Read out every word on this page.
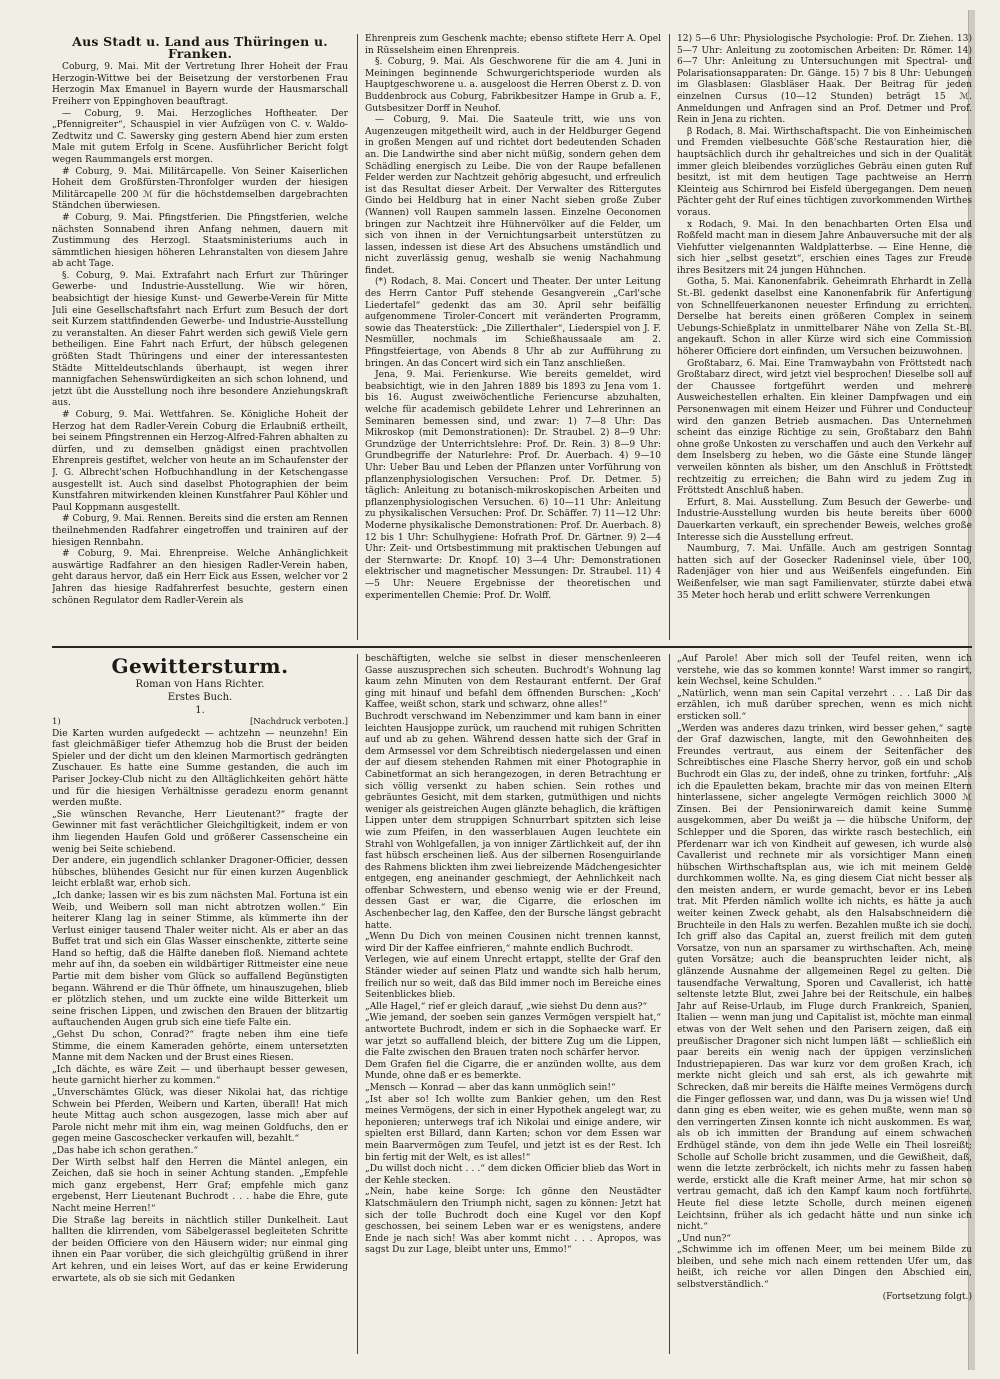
Aus Stadt u. Land aus Thüringen u. Franken.

Coburg, 9. Mai. Mit der Vertretung Ihrer Hoheit der Frau Herzogin-Wittwe bei der Beisetzung der verstorbenen Frau Herzogin Max Emanuel in Bayern wurde der Hausmarschall Freiherr von Eppinghoven beauftragt.

— Coburg, 9. Mai. Herzogliches Hoftheater. Der „Pfennigreiter“, Schauspiel in vier Aufzügen von C. v. Waldo-Zedtwitz und C. Sawersky ging gestern Abend hier zum ersten Male mit gutem Erfolg in Scene. Ausführlicher Bericht folgt wegen Raummangels erst morgen.

# Coburg, 9. Mai. Militärcapelle. Von Seiner Kaiserlichen Hoheit dem Großfürsten-Thronfolger wurden der hiesigen Militärcapelle 200 ℳ für die höchstdemselben dargebrachten Ständchen überwiesen.

# Coburg, 9. Mai. Pfingstferien. Die Pfingstferien, welche nächsten Sonnabend ihren Anfang nehmen, dauern mit Zustimmung des Herzogl. Staatsministeriums auch in sämmtlichen hiesigen höheren Lehranstalten von diesem Jahre ab acht Tage.

§. Coburg, 9. Mai. Extrafahrt nach Erfurt zur Thüringer Gewerbe- und Industrie-Ausstellung. Wie wir hören, beabsichtigt der hiesige Kunst- und Gewerbe-Verein für Mitte Juli eine Gesellschaftsfahrt nach Erfurt zum Besuch der dort seit Kurzem stattfindenden Gewerbe- und Industrie-Ausstellung zu veranstalten. An dieser Fahrt werden sich gewiß Viele gern betheiligen. Eine Fahrt nach Erfurt, der hübsch gelegenen größten Stadt Thüringens und einer der interessantesten Städte Mitteldeutschlands überhaupt, ist wegen ihrer mannigfachen Sehenswürdigkeiten an sich schon lohnend, und jetzt übt die Ausstellung noch ihre besondere Anziehungskraft aus.

# Coburg, 9. Mai. Wettfahren. Se. Königliche Hoheit der Herzog hat dem Radler-Verein Coburg die Erlaubniß ertheilt, bei seinem Pfingstrennen ein Herzog-Alfred-Fahren abhalten zu dürfen, und zu demselben gnädigst einen prachtvollen Ehrenpreis gestiftet, welcher von heute an im Schaufenster der J. G. Albrecht'schen Hofbuchhandlung in der Ketschengasse ausgestellt ist. Auch sind daselbst Photographien der beim Kunstfahren mitwirkenden kleinen Kunstfahrer Paul Köhler und Paul Koppmann ausgestellt.

# Coburg, 9. Mai. Rennen. Bereits sind die ersten am Rennen theilnehmenden Radfahrer eingetroffen und trainiren auf der hiesigen Rennbahn.

# Coburg, 9. Mai. Ehrenpreise. Welche Anhänglichkeit auswärtige Radfahrer an den hiesigen Radler-Verein haben, geht daraus hervor, daß ein Herr Eick aus Essen, welcher vor 2 Jahren das hiesige Radfahrerfest besuchte, gestern einen schönen Regulator dem Radler-Verein als

Ehrenpreis zum Geschenk machte; ebenso stiftete Herr A. Opel in Rüsselsheim einen Ehrenpreis.

§. Coburg, 9. Mai. Als Geschworene für die am 4. Juni in Meiningen beginnende Schwurgerichtsperiode wurden als Hauptgeschworene u. a. ausgeloost die Herren Oberst z. D. von Buddenbrock aus Coburg, Fabrikbesitzer Hampe in Grub a. F., Gutsbesitzer Dorff in Neuhof.

— Coburg, 9. Mai. Die Saateule tritt, wie uns von Augenzeugen mitgetheilt wird, auch in der Heldburger Gegend in großen Mengen auf und richtet dort bedeutenden Schaden an. Die Landwirthe sind aber nicht müßig, sondern gehen dem Schädling energisch zu Leibe. Die von der Raupe befallenen Felder werden zur Nachtzeit gehörig abgesucht, und erfreulich ist das Resultat dieser Arbeit. Der Verwalter des Rittergutes Gindo bei Heldburg hat in einer Nacht sieben große Zuber (Wannen) voll Raupen sammeln lassen. Einzelne Oeconomen bringen zur Nachtzeit ihre Hühnervölker auf die Felder, um sich von ihnen in der Vernichtungsarbeit unterstützen zu lassen, indessen ist diese Art des Absuchens umständlich und nicht zuverlässig genug, weshalb sie wenig Nachahmung findet.

(*) Rodach, 8. Mai. Concert und Theater. Der unter Leitung des Herrn Cantor Puff stehende Gesangverein „Carl'sche Liedertafel“ gedenkt das am 30. April sehr beifällig aufgenommene Tiroler-Concert mit veränderten Programm, sowie das Theaterstück: „Die Zillerthaler“, Liederspiel von J. F. Nesmüller, nochmals im Schießhaussaale am 2. Pfingstfeiertage, von Abends 8 Uhr ab zur Aufführung zu bringen. An das Concert wird sich ein Tanz anschließen.

Jena, 9. Mai. Ferienkurse. Wie bereits gemeldet, wird beabsichtigt, wie in den Jahren 1889 bis 1893 zu Jena vom 1. bis 16. August zweiwöchentliche Feriencurse abzuhalten, welche für academisch gebildete Lehrer und Lehrerinnen an Seminaren bemessen sind, und zwar: 1) 7—8 Uhr: Das Mikroskop (mit Demonstrationen): Dr. Straubel. 2) 8—9 Uhr: Grundzüge der Unterrichtslehre: Prof. Dr. Rein. 3) 8—9 Uhr: Grundbegriffe der Naturlehre: Prof. Dr. Auerbach. 4) 9—10 Uhr: Ueber Bau und Leben der Pflanzen unter Vorführung von pflanzenphysiologischen Versuchen: Prof. Dr. Detmer. 5) täglich: Anleitung zu botanisch-mikroskopischen Arbeiten und pflanzenphysiologischen Versuchen. 6) 10—11 Uhr: Anleitung zu physikalischen Versuchen: Prof. Dr. Schäffer. 7) 11—12 Uhr: Moderne physikalische Demonstrationen: Prof. Dr. Auerbach. 8) 12 bis 1 Uhr: Schulhygiene: Hofrath Prof. Dr. Gärtner. 9) 2—4 Uhr: Zeit- und Ortsbestimmung mit praktischen Uebungen auf der Sternwarte: Dr. Knopf. 10) 3—4 Uhr: Demonstrationen elektrischer und magnetischer Messungen: Dr. Straubel. 11) 4—5 Uhr: Neuere Ergebnisse der theoretischen und experimentellen Chemie: Prof. Dr. Wolff.

12) 5—6 Uhr: Physiologische Psychologie: Prof. Dr. Ziehen. 13) 5—7 Uhr: Anleitung zu zootomischen Arbeiten: Dr. Römer. 14) 6—7 Uhr: Anleitung zu Untersuchungen mit Spectral- und Polarisationsapparaten: Dr. Gänge. 15) 7 bis 8 Uhr: Uebungen im Glasblasen: Glasbläser Haak. Der Beitrag für jeden einzelnen Cursus (10—12 Stunden) beträgt 15 ℳ. Anmeldungen und Anfragen sind an Prof. Detmer und Prof. Rein in Jena zu richten.

β Rodach, 8. Mai. Wirthschaftspacht. Die von Einheimischen und Fremden vielbesuchte Göß'sche Restauration hier, die hauptsächlich durch ihr gehaltreiches und sich in der Qualität immer gleich bleibendes vorzügliches Gebräu einen guten Ruf besitzt, ist mit dem heutigen Tage pachtweise an Herrn Kleinteig aus Schirnrod bei Eisfeld übergegangen. Dem neuen Pächter geht der Ruf eines tüchtigen zuvorkommenden Wirthes voraus.

x Rodach, 9. Mai. In den benachbarten Orten Elsa und Roßfeld macht man in diesem Jahre Anbauversuche mit der als Viehfutter vielgenannten Waldplatterbse. — Eine Henne, die sich hier „selbst gesetzt“, erschien eines Tages zur Freude ihres Besitzers mit 24 jungen Hühnchen.

Gotha, 5. Mai. Kanonenfabrik. Geheimrath Ehrhardt in Zella St.-Bl. gedenkt daselbst eine Kanonenfabrik für Anfertigung von Schnellfeuerkanonen neuester Erfindung zu errichten. Derselbe hat bereits einen größeren Complex in seinem Uebungs-Schießplatz in unmittelbarer Nähe von Zella St.-Bl. angekauft. Schon in aller Kürze wird sich eine Commission höherer Officiere dort einfinden, um Versuchen beizuwohnen.

Großtabarz, 6. Mai. Eine Tramwaybahn von Fröttstedt nach Großtabarz direct, wird jetzt viel besprochen! Dieselbe soll auf der Chaussee fortgeführt werden und mehrere Ausweichestellen erhalten. Ein kleiner Dampfwagen und ein Personenwagen mit einem Heizer und Führer und Conducteur wird den ganzen Betrieb ausmachen. Das Unternehmen scheint das einzige Richtige zu sein, Großtabarz den Bahn ohne große Unkosten zu verschaffen und auch den Verkehr auf dem Inselsberg zu heben, wo die Gäste eine Stunde länger verweilen könnten als bisher, um den Anschluß in Fröttstedt rechtzeitig zu erreichen; die Bahn wird zu jedem Zug in Fröttstedt Anschluß haben.

Erfurt, 8. Mai. Ausstellung. Zum Besuch der Gewerbe- und Industrie-Ausstellung wurden bis heute bereits über 6000 Dauerkarten verkauft, ein sprechender Beweis, welches große Interesse sich die Ausstellung erfreut.

Naumburg, 7. Mai. Unfälle. Auch am gestrigen Sonntag hatten sich auf der Gosecker Radeninsel viele, über 100, Radenjäger von hier und aus Weißenfels eingefunden. Ein Weißenfelser, wie man sagt Familienvater, stürzte dabei etwa 35 Meter hoch herab und erlitt schwere Verrenkungen

Gewittersturm.
Roman von Hans Richter.
Erstes Buch.
1.
1)	[Nachdruck verboten.]
Die Karten wurden aufgedeckt — achtzehn — neunzehn! Ein fast gleichmäßiger tiefer Athemzug hob die Brust der beiden Spieler und der dicht um den kleinen Marmortisch gedrängten Zuschauer. Es hatte eine Summe gestanden, die auch im Pariser Jockey-Club nicht zu den Alltäglichkeiten gehört hätte und für die hiesigen Verhältnisse geradezu enorm genannt werden mußte.
„Sie wünschen Revanche, Herr Lieutenant?“ fragte der Gewinner mit fast verächtlicher Gleichgiltigkeit, indem er von ihm liegenden Haufen Gold und größerer Cassenscheine ein wenig bei Seite schiebend.
Der andere, ein jugendlich schlanker Dragoner-Officier, dessen hübsches, blühendes Gesicht nur für einen kurzen Augenblick leicht erblaßt war, erhob sich.
„Ich danke; lassen wir es bis zum nächsten Mal. Fortuna ist ein Weib, und Weibern soll man nicht abtrotzen wollen.“ Ein heiterer Klang lag in seiner Stimme, als kümmerte ihn der Verlust einiger tausend Thaler weiter nicht. Als er aber an das Buffet trat und sich ein Glas Wasser einschenkte, zitterte seine Hand so heftig, daß die Hälfte daneben floß. Niemand achtete mehr auf ihn, da soeben ein wildbärtiger Rittmeister eine neue Partie mit dem bisher vom Glück so auffallend Begünstigten begann. Während er die Thür öffnete, um hinauszugehen, blieb er plötzlich stehen, und um zuckte eine wilde Bitterkeit um seine frischen Lippen, und zwischen den Brauen der blitzartig auftauchenden Augen grub sich eine tiefe Falte ein.
„Gehst Du schon, Conrad?“ fragte neben ihm eine tiefe Stimme, die einem Kameraden gehörte, einem untersetzten Manne mit dem Nacken und der Brust eines Riesen.
„Ich dächte, es wäre Zeit — und überhaupt besser gewesen, heute garnicht hierher zu kommen.“
„Unverschämtes Glück, was dieser Nikolai hat, das richtige Schwein bei Pferden, Weibern und Karten, überall! Hat mich heute Mittag auch schon ausgezogen, lasse mich aber auf Parole nicht mehr mit ihm ein, wag meinen Goldfuchs, den er gegen meine Gascoschecker verkaufen will, bezahlt.“
„Das habe ich schon gerathen.“
Der Wirth selbst half den Herren die Mäntel anlegen, ein Zeichen, daß sie hoch in seiner Achtung standen. „Empfehle mich ganz ergebenst, Herr Graf; empfehle mich ganz ergebenst, Herr Lieutenant Buchrodt . . . habe die Ehre, gute Nacht meine Herren!“
Die Straße lag bereits in nächtlich stiller Dunkelheit. Laut hallten die klirrenden, vom Säbelgerassel begleiteten Schritte der beiden Officiere von den Häusern wider; nur einmal ging ihnen ein Paar vorüber, die sich gleichgültig grüßend in ihrer Art kehren, und ein leises Wort, auf das er keine Erwiderung erwartete, als ob sie sich mit Gedanken
beschäftigten, welche sie selbst in dieser menschenleeren Gasse auszusprechen sich scheuten. Buchrodt's Wohnung lag kaum zehn Minuten von dem Restaurant entfernt. Der Graf ging mit hinauf und befahl dem öffnenden Burschen: „Koch' Kaffee, weißt schon, stark und schwarz, ohne alles!“
Buchrodt verschwand im Nebenzimmer und kam bann in einer leichten Hausjoppe zurück, um rauchend mit ruhigen Schritten auf und ab zu gehen. Während dessen hatte sich der Graf in dem Armsessel vor dem Schreibtisch niedergelassen und einen der auf diesem stehenden Rahmen mit einer Photographie in Cabinetformat an sich herangezogen, in deren Betrachtung er sich völlig versenkt zu haben schien. Sein rothes und gebräuntes Gesicht, mit dem starken, gutmüthigen und nichts weniger als geistreichen Augen glänzte behaglich, die kräftigen Lippen unter dem struppigen Schnurrbart spitzten sich leise wie zum Pfeifen, in den wasserblauen Augen leuchtete ein Strahl von Wohlgefallen, ja von inniger Zärtlichkeit auf, der ihn fast hübsch erscheinen ließ. Aus der silbernen Rosenguirlande des Rahmens blickten ihm zwei liebreizende Mädchengesichter entgegen, eng aneinander geschmiegt, der Aehnlichkeit nach offenbar Schwestern, und ebenso wenig wie er der Freund, dessen Gast er war, die Cigarre, die erloschen im Aschenbecher lag, den Kaffee, den der Bursche längst gebracht hatte.
„Wenn Du Dich von meinen Cousinen nicht trennen kannst, wird Dir der Kaffee einfrieren,“ mahnte endlich Buchrodt.
Verlegen, wie auf einem Unrecht ertappt, stellte der Graf den Ständer wieder auf seinen Platz und wandte sich halb herum, freilich nur so weit, daß das Bild immer noch im Bereiche eines Seitenblickes blieb.
„Alle Hagel,“ rief er gleich darauf, „wie siehst Du denn aus?“
„Wie jemand, der soeben sein ganzes Vermögen verspielt hat,“ antwortete Buchrodt, indem er sich in die Sophaecke warf. Er war jetzt so auffallend bleich, der bittere Zug um die Lippen, die Falte zwischen den Brauen traten noch schärfer hervor.
Dem Grafen fiel die Cigarre, die er anzünden wollte, aus dem Munde, ohne daß er es bemerkte.
„Mensch — Konrad — aber das kann unmöglich sein!“
„Ist aber so! Ich wollte zum Bankier gehen, um den Rest meines Vermögens, der sich in einer Hypothek angelegt war, zu heponieren; unterwegs traf ich Nikolai und einige andere, wir spielten erst Billard, dann Karten; schon vor dem Essen war mein Baarvermögen zum Teufel, und jetzt ist es der Rest. Ich bin fertig mit der Welt, es ist alles!“
„Du willst doch nicht . . .“ dem dicken Officier blieb das Wort in der Kehle stecken.
„Nein, habe keine Sorge: Ich gönne den Neustädter Klatschmäulern den Triumph nicht, sagen zu können: Jetzt hat sich der tolle Buchrodt doch eine Kugel vor den Kopf geschossen, bei seinem Leben war er es wenigstens, andere Ende je nach sich! Was aber kommt nicht . . . Apropos, was sagst Du zur Lage, bleibt unter uns, Emmo!“
„Auf Parole! Aber mich soll der Teufel reiten, wenn ich verstehe, wie das so kommen konnte! Warst immer so rangirt, kein Wechsel, keine Schulden.“
„Natürlich, wenn man sein Capital verzehrt . . . Laß Dir das erzählen, ich muß darüber sprechen, wenn es mich nicht ersticken soll.“
„Werden was anderes dazu trinken, wird besser gehen,“ sagte der Graf dazwischen, langte, mit den Gewohnheiten des Freundes vertraut, aus einem der Seitenfächer des Schreibtisches eine Flasche Sherry hervor, goß ein und schob Buchrodt ein Glas zu, der indeß, ohne zu trinken, fortfuhr: „Als ich die Epauletten bekam, brachte mir das von meinen Eltern hinterlassene, sicher angelegte Vermögen reichlich 3000 ℳ Zinsen. Bei der Pensionirwareich damit keine Summe ausgekommen, aber Du weißt ja — die hübsche Uniform, der Schlepper und die Sporen, das wirkte rasch bestechlich, ein Pferdenarr war ich von Kindheit auf gewesen, ich wurde also Cavallerist und rechnete mir als vorsichtiger Mann einen hübschen Wirthschaftsplan aus, wie ich mit meinem Gelde durchkommen wollte. Na, es ging diesem Ciat nicht besser als den meisten andern, er wurde gemacht, bevor er ins Leben trat. Mit Pferden nämlich wollte ich nichts, es hätte ja auch weiter keinen Zweck gehabt, als den Halsabschneidern die Bruchteile in den Hals zu werfen. Bezahlen mußte ich sie doch. Ich griff also das Capital an, zuerst freilich mit dem guten Vorsatze, von nun an sparsamer zu wirthschaften. Ach, meine guten Vorsätze; auch die beanspruchten leider nicht, als glänzende Ausnahme der allgemeinen Regel zu gelten. Die tausendfache Verwaltung, Sporen und Cavallerist, ich hatte seltenste letzte Blut, zwei Jahre bei der Reitschule, ein halbes Jahr auf Reise-Urlaub, im Fluge durch Frankreich, Spanien, Italien — wenn man jung und Capitalist ist, möchte man einmal etwas von der Welt sehen und den Parisern zeigen, daß ein preußischer Dragoner sich nicht lumpen läßt — schließlich ein paar bereits ein wenig nach der üppigen verzinslichen Industriepapieren. Das war kurz vor dem großen Krach, ich merkte nicht gleich und sah erst, als ich gewahrte mit Schrecken, daß mir bereits die Hälfte meines Vermögens durch die Finger geflossen war, und dann, was Du ja wissen wie! Und dann ging es eben weiter, wie es gehen mußte, wenn man so den verringerten Zinsen konnte ich nicht auskommen. Es war, als ob ich immitten der Brandung auf einem schwachen Erdhügel stände, von dem ihn jede Welle ein Theil losreißt; Scholle auf Scholle bricht zusammen, und die Gewißheit, daß, wenn die letzte zerbröckelt, ich nichts mehr zu fassen haben werde, erstickt alle die Kraft meiner Arme, hat mir schon so vertrau gemacht, daß ich den Kampf kaum noch fortführte. Heute fiel diese letzte Scholle, durch meinen eigenen Leichtsinn, früher als ich gedacht hätte und nun sinke ich nicht.“
„Und nun?“
„Schwimme ich im offenen Meer, um bei meinem Bilde zu bleiben, und sehe mich nach einem rettenden Ufer um, das heißt, ich reiche vor allen Dingen den Abschied ein, selbstverständlich.“
(Fortsetzung folgt.)
